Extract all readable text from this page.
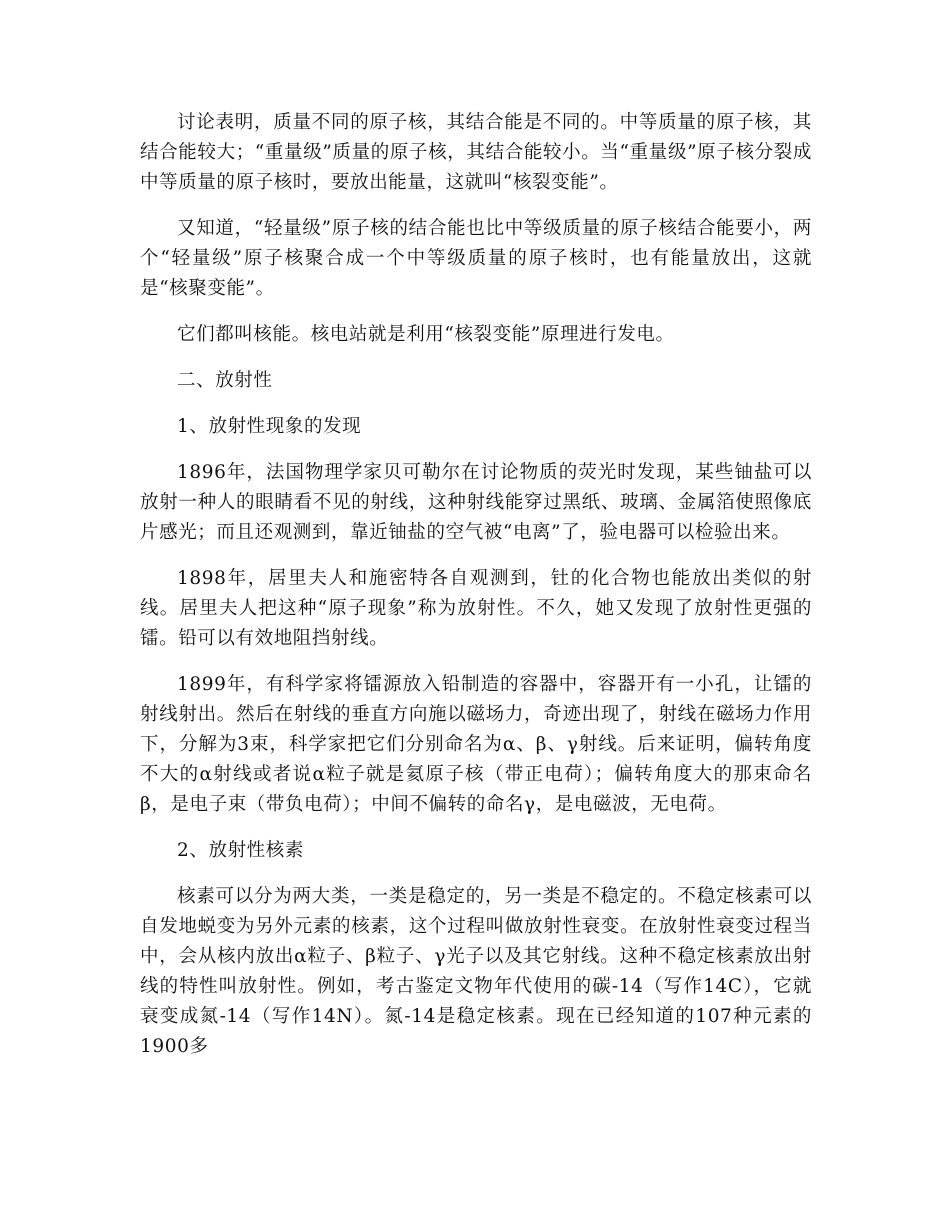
讨论表明，质量不同的原子核，其结合能是不同的。中等质量的原子核，其结合能较大；“重量级”质量的原子核，其结合能较小。当“重量级”原子核分裂成中等质量的原子核时，要放出能量，这就叫“核裂变能”。

又知道，“轻量级”原子核的结合能也比中等级质量的原子核结合能要小，两个“轻量级”原子核聚合成一个中等级质量的原子核时，也有能量放出，这就是“核聚变能”。

它们都叫核能。核电站就是利用“核裂变能”原理进行发电。

二、放射性

1、放射性现象的发现

1896年，法国物理学家贝可勒尔在讨论物质的荧光时发现，某些铀盐可以放射一种人的眼睛看不见的射线，这种射线能穿过黑纸、玻璃、金属箔使照像底片感光；而且还观测到，靠近铀盐的空气被“电离”了，验电器可以检验出来。

1898年，居里夫人和施密特各自观测到，钍的化合物也能放出类似的射线。居里夫人把这种“原子现象”称为放射性。不久，她又发现了放射性更强的镭。铅可以有效地阻挡射线。

1899年，有科学家将镭源放入铅制造的容器中，容器开有一小孔，让镭的射线射出。然后在射线的垂直方向施以磁场力，奇迹出现了，射线在磁场力作用下，分解为3束，科学家把它们分别命名为α、β、γ射线。后来证明，偏转角度不大的α射线或者说α粒子就是氦原子核（带正电荷）；偏转角度大的那束命名β，是电子束（带负电荷）；中间不偏转的命名γ，是电磁波，无电荷。

2、放射性核素

核素可以分为两大类，一类是稳定的，另一类是不稳定的。不稳定核素可以自发地蜕变为另外元素的核素，这个过程叫做放射性衰变。在放射性衰变过程当中，会从核内放出α粒子、β粒子、γ光子以及其它射线。这种不稳定核素放出射线的特性叫放射性。例如，考古鉴定文物年代使用的碳-14（写作14C），它就衰变成氮-14（写作14N）。氮-14是稳定核素。现在已经知道的107种元素的1900多
